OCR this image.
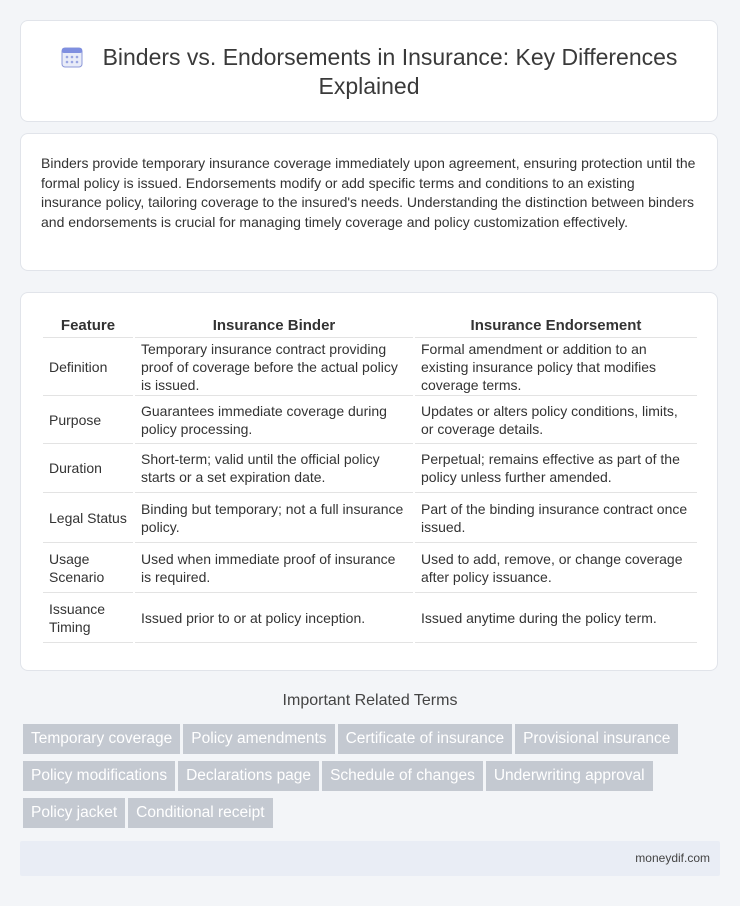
Binders vs. Endorsements in Insurance: Key Differences Explained
Binders provide temporary insurance coverage immediately upon agreement, ensuring protection until the formal policy is issued. Endorsements modify or add specific terms and conditions to an existing insurance policy, tailoring coverage to the insured's needs. Understanding the distinction between binders and endorsements is crucial for managing timely coverage and policy customization effectively.
Feature	Insurance Binder	Insurance Endorsement
Definition	Temporary insurance contract providing proof of coverage before the actual policy is issued.	Formal amendment or addition to an existing insurance policy that modifies coverage terms.
Purpose	Guarantees immediate coverage during policy processing.	Updates or alters policy conditions, limits, or coverage details.
Duration	Short-term; valid until the official policy starts or a set expiration date.	Perpetual; remains effective as part of the policy unless further amended.
Legal Status	Binding but temporary; not a full insurance policy.	Part of the binding insurance contract once issued.
Usage Scenario	Used when immediate proof of insurance is required.	Used to add, remove, or change coverage after policy issuance.
Issuance Timing	Issued prior to or at policy inception.	Issued anytime during the policy term.
Important Related Terms
Temporary coverage Policy amendments Certificate of insurance Provisional insurance
Policy modifications Declarations page Schedule of changes Underwriting approval
Policy jacket Conditional receipt
moneydif.com
